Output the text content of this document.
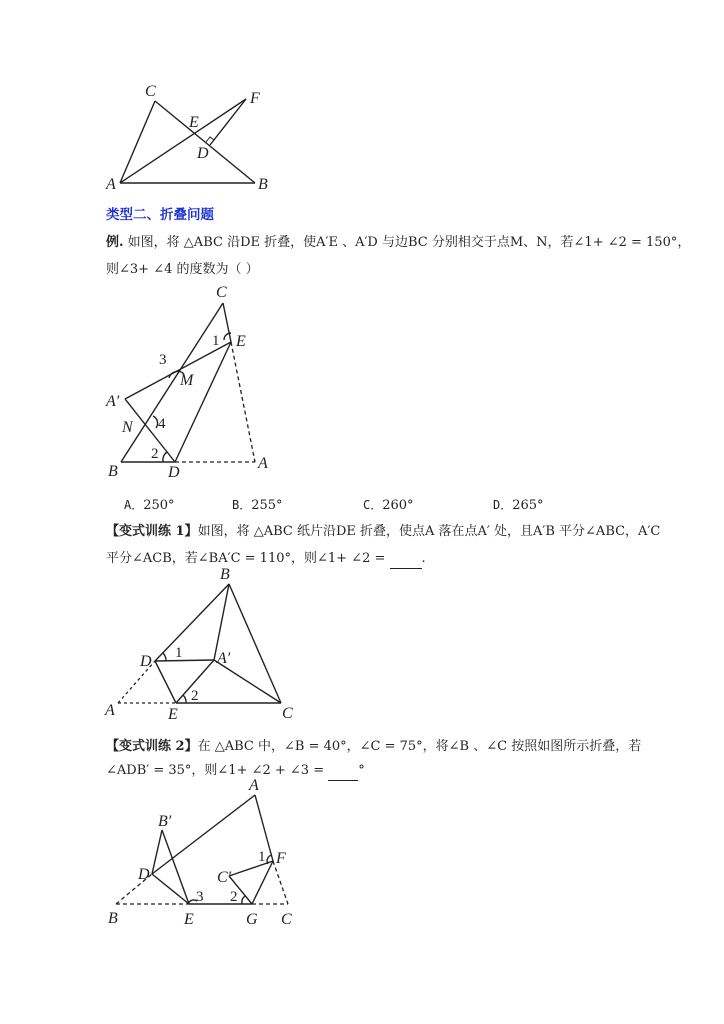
C	F
E
D
A	B
类型二、折叠问题
例. 如图，将 △ABC 沿DE 折叠，使A′E 、A′D 与边BC 分别相交于点M、N，若∠1+ ∠2 = 150°，
则∠3+ ∠4 的度数为（ ）
C
E
1
3
M
A′
N 4
2
B	D
A
A．250°	B．255°	C．260°	D．265°
【变式训练 1】如图，将 △ABC 纸片沿DE 折叠，使点A 落在点A′ 处，且A′B 平分∠ABC，A′C
平分∠ACB，若∠BA′C = 110°，则∠1+ ∠2 =	.
B
D 1 A′
2
A	E	C
【变式训练 2】在 △ABC 中，∠B = 40°，∠C = 75°，将∠B 、∠C 按照如图所示折叠，若
∠ADB′ = 35°，则∠1+ ∠2 + ∠3 =	°
A
B′
1 F
D	C′
3 2
B	E	G C
